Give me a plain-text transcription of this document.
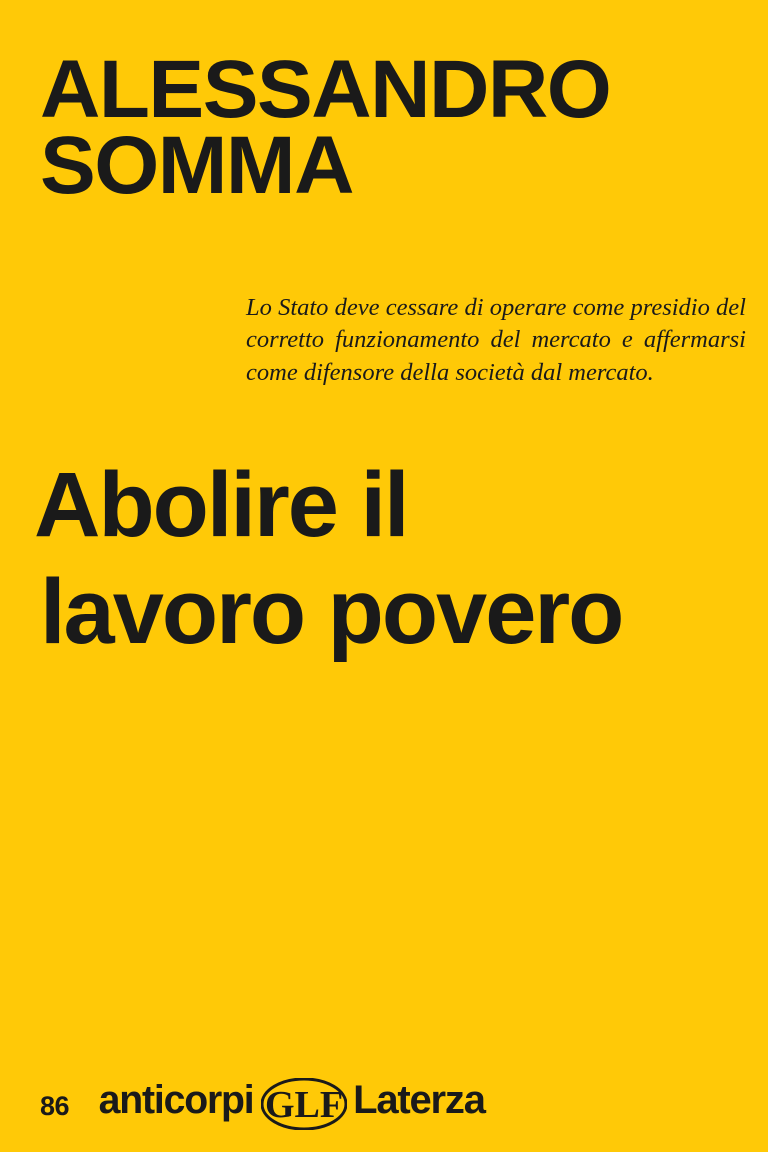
ALESSANDRO
SOMMA
Lo Stato deve cessare di operare come presidio del corretto funzionamento del mercato e affermarsi come difensore della società dal mercato.
Abolire il
lavoro povero
86 anticorpi GLF Laterza
